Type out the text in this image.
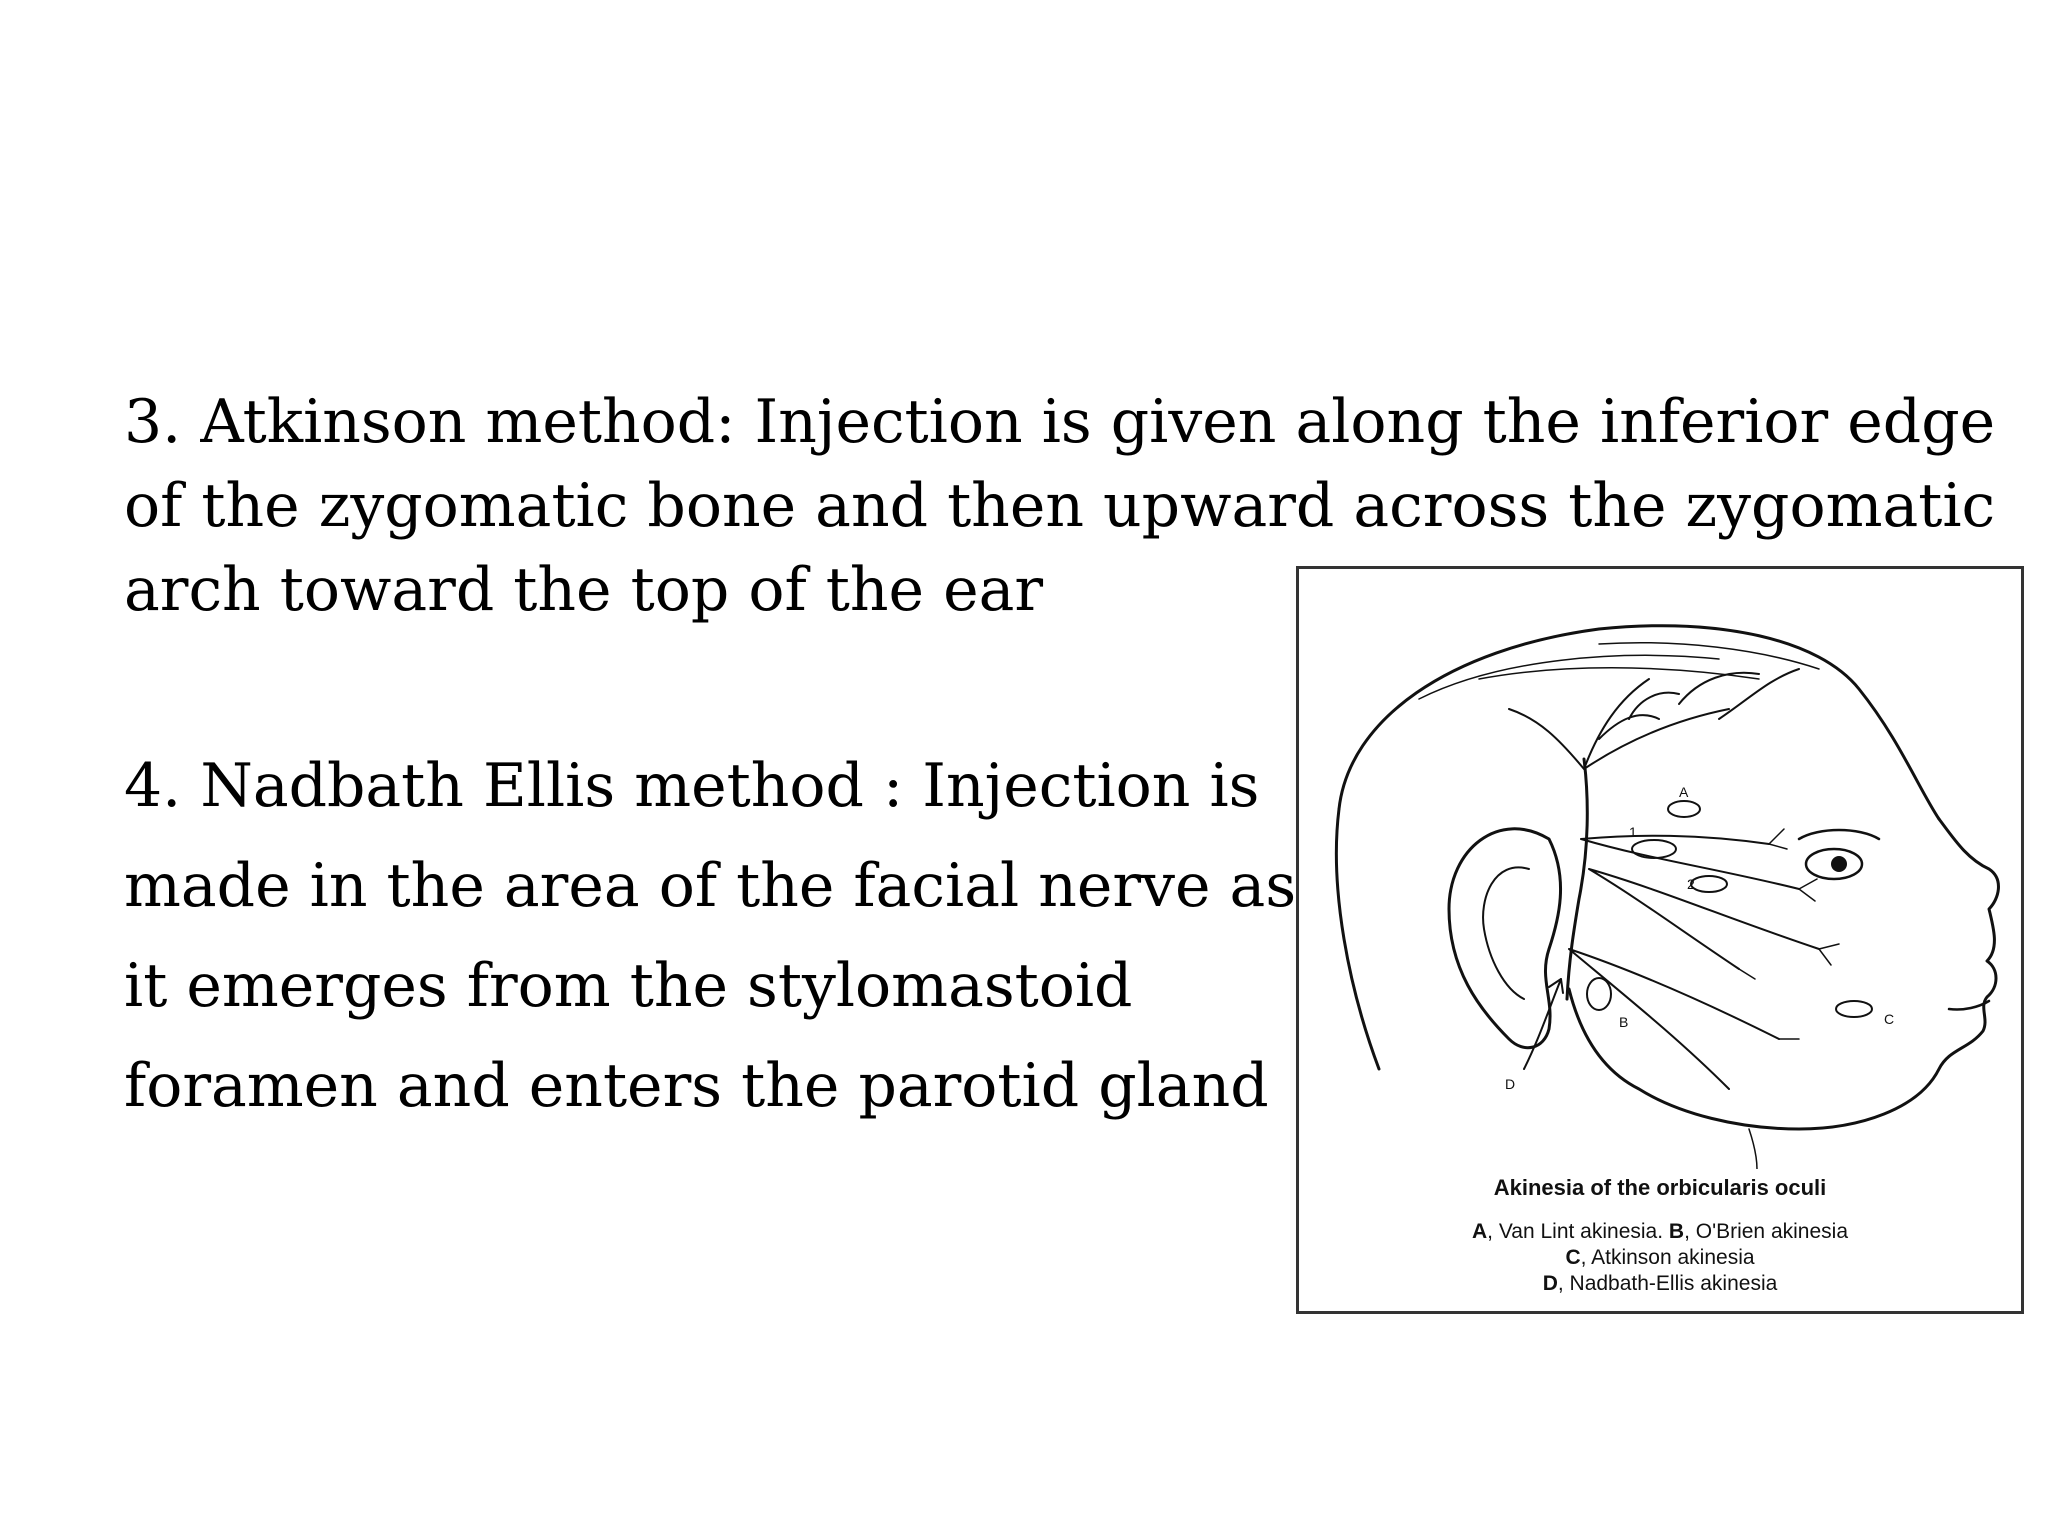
3. Atkinson method: Injection is given along the inferior edge
of the zygomatic bone and then upward across the zygomatic
arch toward the top of the ear

4. Nadbath Ellis method : Injection is
made in the area of the facial nerve as
it emerges from the stylomastoid
foramen and enters the parotid gland

A
1
2
B	C
D
Akinesia of the orbicularis oculi
A, Van Lint akinesia. B, O'Brien akinesia
C, Atkinson akinesia
D, Nadbath-Ellis akinesia
